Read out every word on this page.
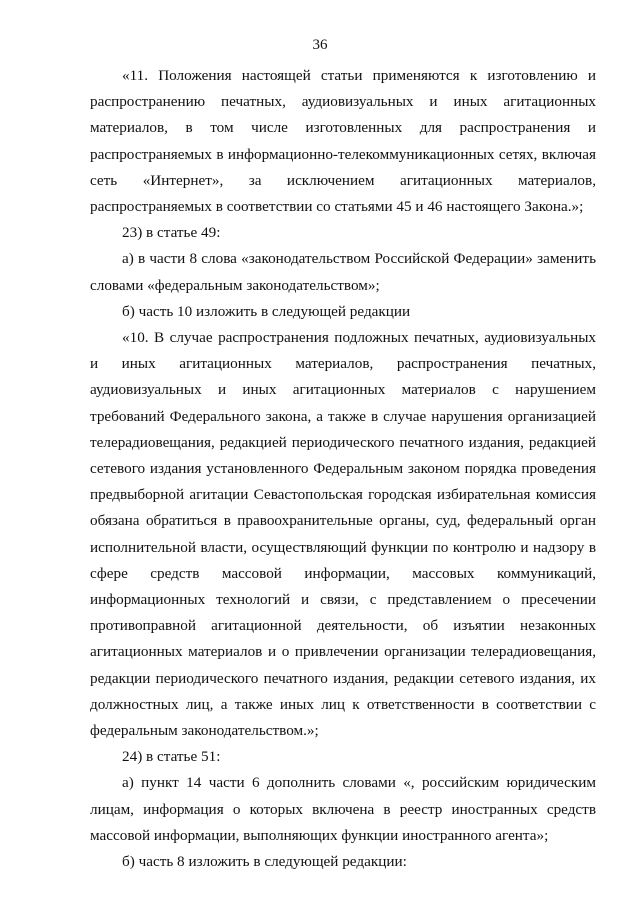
36

«11. Положения настоящей статьи применяются к изготовлению и распространению печатных, аудиовизуальных и иных агитационных материалов, в том числе изготовленных для распространения и распространяемых в информационно-телекоммуникационных сетях, включая сеть «Интернет», за исключением агитационных материалов, распространяемых в соответствии со статьями 45 и 46 настоящего Закона.»;

23) в статье 49:

а) в части 8 слова «законодательством Российской Федерации» заменить словами «федеральным законодательством»;

б) часть 10 изложить в следующей редакции

«10. В случае распространения подложных печатных, аудиовизуальных и иных агитационных материалов, распространения печатных, аудиовизуальных и иных агитационных материалов с нарушением требований Федерального закона, а также в случае нарушения организацией телерадиовещания, редакцией периодического печатного издания, редакцией сетевого издания установленного Федеральным законом порядка проведения предвыборной агитации Севастопольская городская избирательная комиссия обязана обратиться в правоохранительные органы, суд, федеральный орган исполнительной власти, осуществляющий функции по контролю и надзору в сфере средств массовой информации, массовых коммуникаций, информационных технологий и связи, с представлением о пресечении противоправной агитационной деятельности, об изъятии незаконных агитационных материалов и о привлечении организации телерадиовещания, редакции периодического печатного издания, редакции сетевого издания, их должностных лиц, а также иных лиц к ответственности в соответствии с федеральным законодательством.»;

24) в статье 51:

а) пункт 14 части 6 дополнить словами «, российским юридическим лицам, информация о которых включена в реестр иностранных средств массовой информации, выполняющих функции иностранного агента»;

б) часть 8 изложить в следующей редакции:
